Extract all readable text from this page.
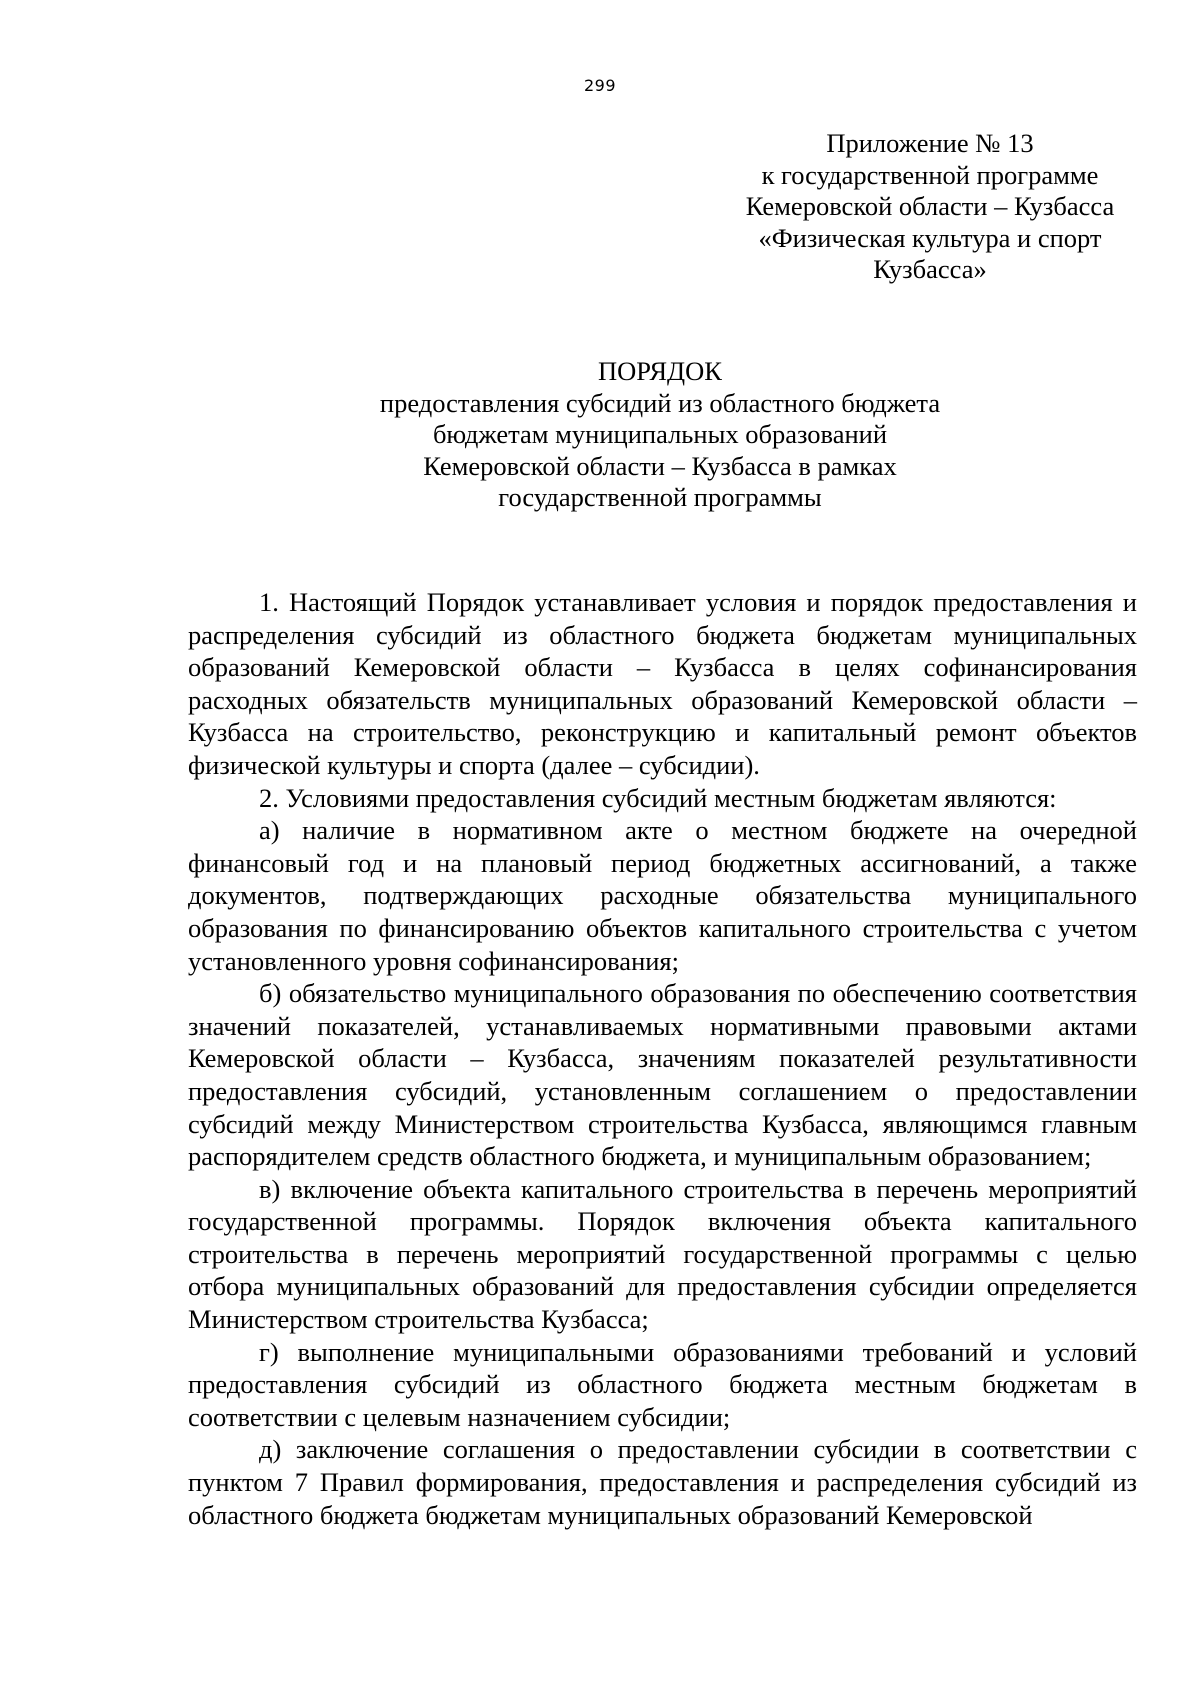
299
Приложение № 13
к государственной программе
Кемеровской области – Кузбасса
«Физическая культура и спорт
Кузбасса»
ПОРЯДОК
предоставления субсидий из областного бюджета
бюджетам муниципальных образований
Кемеровской области – Кузбасса в рамках
государственной программы

1. Настоящий Порядок устанавливает условия и порядок предоставления и распределения субсидий из областного бюджета бюджетам муниципальных образований Кемеровской области – Кузбасса в целях софинансирования расходных обязательств муниципальных образований Кемеровской области – Кузбасса на строительство, реконструкцию и капитальный ремонт объектов физической культуры и спорта (далее – субсидии).

2. Условиями предоставления субсидий местным бюджетам являются:

а) наличие в нормативном акте о местном бюджете на очередной финансовый год и на плановый период бюджетных ассигнований, а также документов, подтверждающих расходные обязательства муниципального образования по финансированию объектов капитального строительства с учетом установленного уровня софинансирования;

б) обязательство муниципального образования по обеспечению соответствия значений показателей, устанавливаемых нормативными правовыми актами Кемеровской области – Кузбасса, значениям показателей результативности предоставления субсидий, установленным соглашением о предоставлении субсидий между Министерством строительства Кузбасса, являющимся главным распорядителем средств областного бюджета, и муниципальным образованием;

в) включение объекта капитального строительства в перечень мероприятий государственной программы. Порядок включения объекта капитального строительства в перечень мероприятий государственной программы с целью отбора муниципальных образований для предоставления субсидии определяется Министерством строительства Кузбасса;

г) выполнение муниципальными образованиями требований и условий предоставления субсидий из областного бюджета местным бюджетам в соответствии с целевым назначением субсидии;

д) заключение соглашения о предоставлении субсидии в соответствии с пунктом 7 Правил формирования, предоставления и распределения субсидий из областного бюджета бюджетам муниципальных образований Кемеровской
